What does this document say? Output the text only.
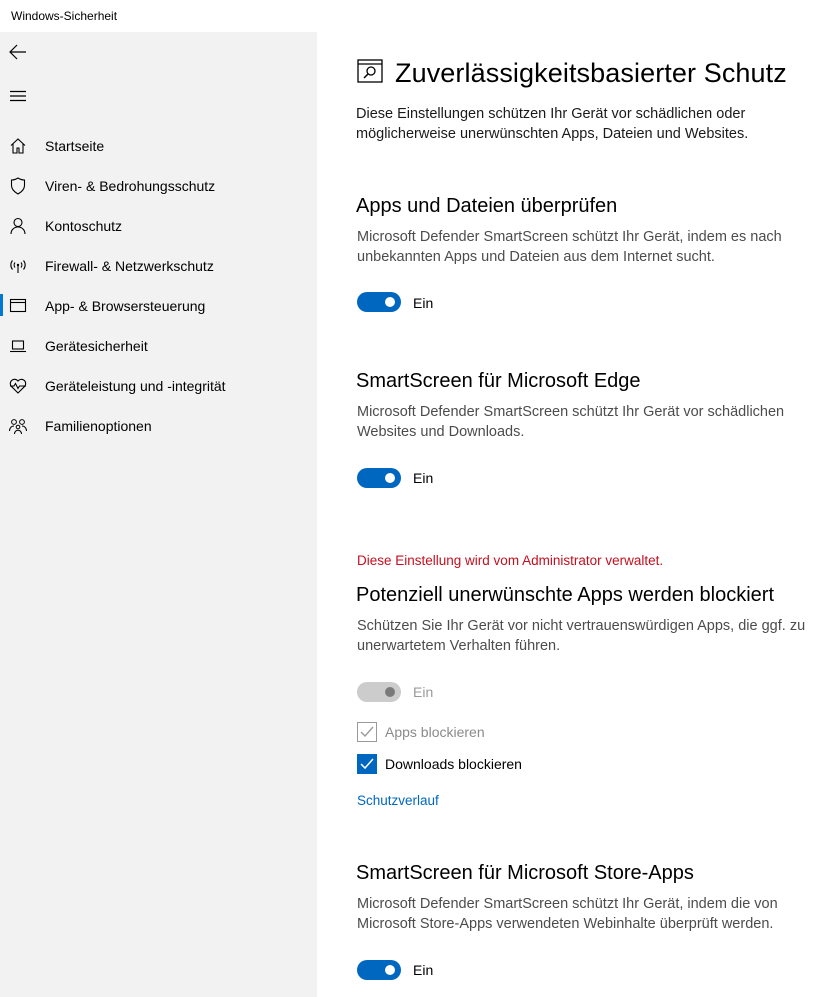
Windows-Sicherheit
Startseite
Viren- & Bedrohungsschutz
Kontoschutz
Firewall- & Netzwerkschutz
App- & Browsersteuerung
Gerätesicherheit
Geräteleistung und -integrität
Familienoptionen
Zuverlässigkeitsbasierter Schutz
Diese Einstellungen schützen Ihr Gerät vor schädlichen oder möglicherweise unerwünschten Apps, Dateien und Websites.
Apps und Dateien überprüfen
Microsoft Defender SmartScreen schützt Ihr Gerät, indem es nach unbekannten Apps und Dateien aus dem Internet sucht.
Ein
SmartScreen für Microsoft Edge
Microsoft Defender SmartScreen schützt Ihr Gerät vor schädlichen Websites und Downloads.
Ein
Diese Einstellung wird vom Administrator verwaltet.
Potenziell unerwünschte Apps werden blockiert
Schützen Sie Ihr Gerät vor nicht vertrauenswürdigen Apps, die ggf. zu unerwartetem Verhalten führen.
Ein
Apps blockieren
Downloads blockieren
Schutzverlauf
SmartScreen für Microsoft Store-Apps
Microsoft Defender SmartScreen schützt Ihr Gerät, indem die von Microsoft Store-Apps verwendeten Webinhalte überprüft werden.
Ein
